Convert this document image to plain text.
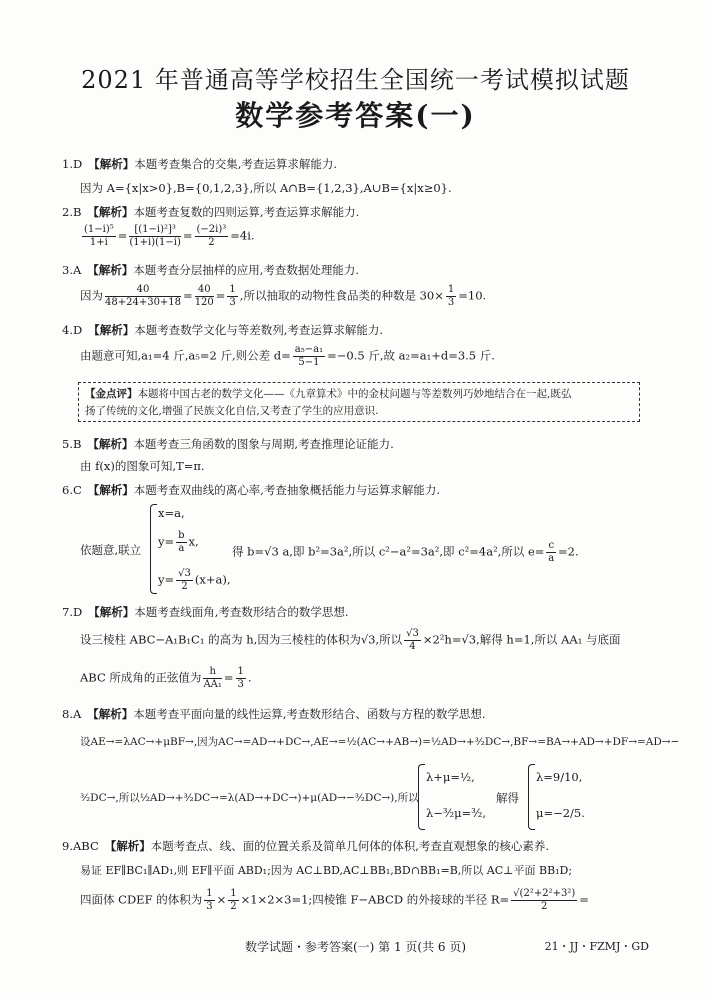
2021 年普通高等学校招生全国统一考试模拟试题
数学参考答案(一)
1.D 【解析】本题考查集合的交集,考查运算求解能力.
因为 A={x|x>0},B={0,1,2,3},所以 A∩B={1,2,3},A∪B={x|x≥0}.
2.B 【解析】本题考查复数的四则运算,考查运算求解能力.
$\frac{\text{(1−i)⁵}}{1+i} = \frac{\text{[(1−i)²]³}}{(1+i)(1-i)} = \frac{\text{(−2i)³}}{2} =4i$.
3.A 【解析】本题考查分层抽样的应用,考查数据处理能力.
因为 $\frac{40}{48+24+30+18} = \frac{40}{120} = \frac{1}{3}$ ,所以抽取的动物性食品类的种数是 $30\times \frac{1}{3} =10$.
4.D 【解析】本题考查数学文化与等差数列,考查运算求解能力.
由题意可知,a₁=4 斤,a₅=2 斤,则公差 $d= \frac{\text{a₅−a₁}}{5-1} =-0.5$ 斤,故 a₂=a₁+d=3.5 斤.
【金点评】本题将中国古老的数学文化——《九章算术》中的金杖问题与等差数列巧妙地结合在一起,既弘
扬了传统的文化,增强了民族文化自信,又考查了学生的应用意识.
5.B 【解析】本题考查三角函数的图象与周期,考查推理论证能力.
由 f(x)的图象可知,T=π.
6.C 【解析】本题考查双曲线的离心率,考查抽象概括能力与运算求解能力.
依题意,联立
x=a,
$y= \frac{b}{a} x$,
$y= \frac{√3}{2} (x+a)$,
得 b=√3 a,即 b²=3a²,所以 c²−a²=3a²,即 c²=4a²,所以 $e= \frac{c}{a} =2$.
7.D 【解析】本题考查线面角,考查数形结合的数学思想.
设三棱柱 ABC−A₁B₁C₁ 的高为 h,因为三棱柱的体积为√3,所以 $\frac{√3}{4} \times 2^2h=√3$,解得 h=1,所以 AA₁ 与底面
ABC 所成角的正弦值为 $\frac{h}{\text{AA₁}} = \frac{1}{3}$ .
8.A 【解析】本题考查平面向量的线性运算,考查数形结合、函数与方程的数学思想.
设AE→=λAC→+μBF→,因为AC→=AD→+DC→,AE→=½(AC→+AB→)=½AD→+³⁄₂DC→,BF→=BA→+AD→+DF→=AD→−
³⁄₂DC→,所以½AD→+³⁄₂DC→=λ(AD→+DC→)+μ(AD→−³⁄₂DC→),所以
λ+μ=½,
λ−³⁄₂μ=³⁄₂,
解得
λ=9/10,
μ=−2/5.
9.ABC 【解析】本题考查点、线、面的位置关系及简单几何体的体积,考查直观想象的核心素养.
易证 EF∥BC₁∥AD₁,则 EF∥平面 ABD₁;因为 AC⊥BD,AC⊥BB₁,BD∩BB₁=B,所以 AC⊥平面 BB₁D;
四面体 CDEF 的体积为 $\frac{1}{3} \times \frac{1}{2} \times 1\times 2\times 3=1$;四棱锥 F−ABCD 的外接球的半径 $R= \frac{\text{√(2²+2²+3²)}}{2}$ =
数学试题・参考答案(一) 第 1 页(共 6 页)	21・JJ・FZMJ・GD
